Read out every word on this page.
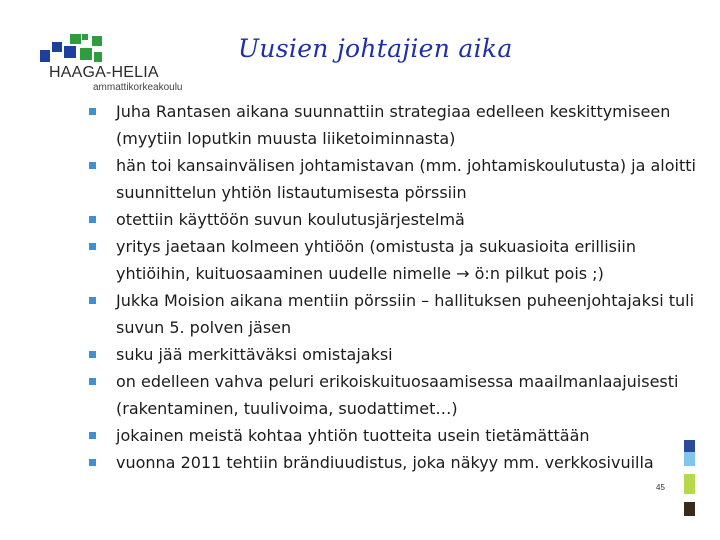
HAAGA-HELIA
ammattikorkeakoulu
Uusien johtajien aika
Juha Rantasen aikana suunnattiin strategiaa edelleen keskittymiseen (myytiin loputkin muusta liiketoiminnasta)
hän toi kansainvälisen johtamistavan (mm. johtamiskoulutusta) ja aloitti suunnittelun yhtiön listautumisesta pörssiin
otettiin käyttöön suvun koulutusjärjestelmä
yritys jaetaan kolmeen yhtiöön (omistusta ja sukuasioita erillisiin yhtiöihin, kuituosaaminen uudelle nimelle → ö:n pilkut pois ;)
Jukka Moision aikana mentiin pörssiin – hallituksen puheenjohtajaksi tuli suvun 5. polven jäsen
suku jää merkittäväksi omistajaksi
on edelleen vahva peluri erikoiskuituosaamisessa maailmanlaajuisesti (rakentaminen, tuulivoima, suodattimet…)
jokainen meistä kohtaa yhtiön tuotteita usein tietämättään
vuonna 2011 tehtiin brändiuudistus, joka näkyy mm. verkkosivuilla
45
